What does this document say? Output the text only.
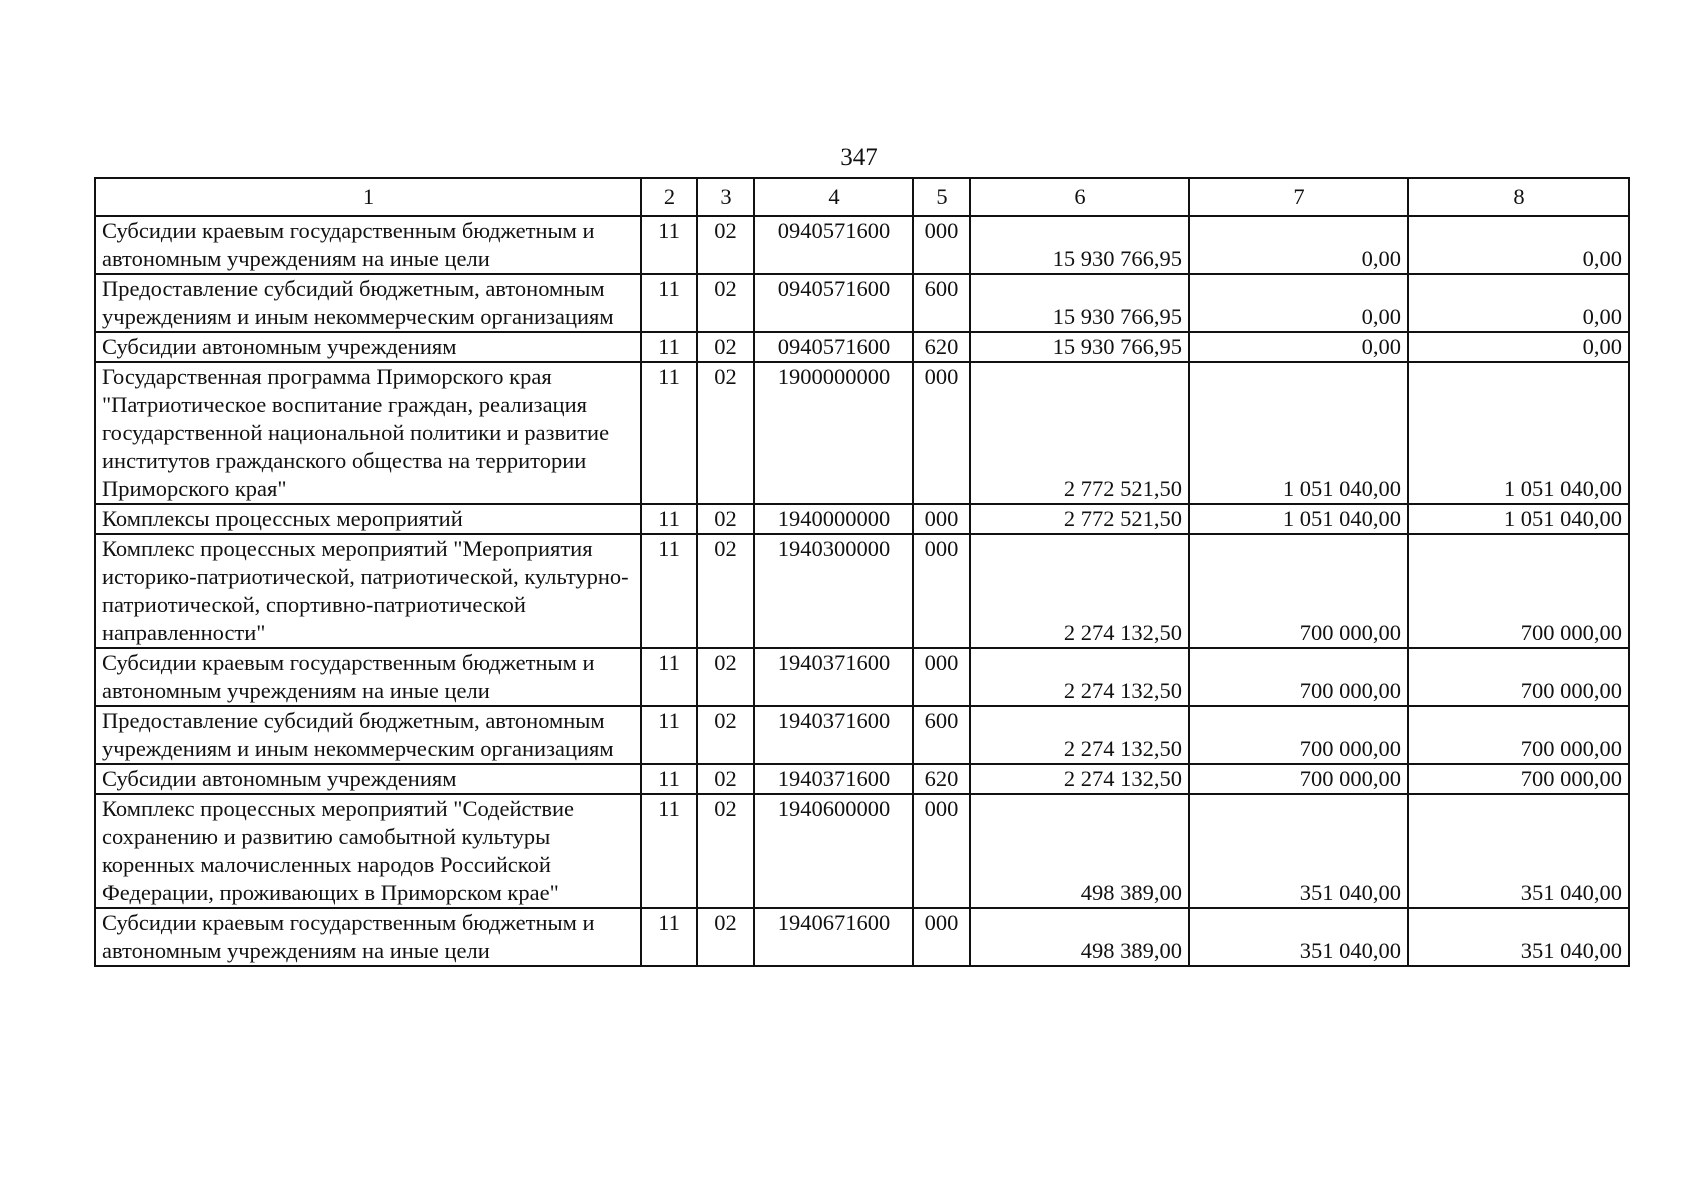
347
1	2	3	4	5	6	7	8
Субсидии краевым государственным бюджетным и автономным учреждениям на иные цели	11	02	0940571600	000	15 930 766,95	0,00	0,00
Предоставление субсидий бюджетным, автономным учреждениям и иным некоммерческим организациям	11	02	0940571600	600	15 930 766,95	0,00	0,00
Субсидии автономным учреждениям	11	02	0940571600	620	15 930 766,95	0,00	0,00
Государственная программа Приморского края "Патриотическое воспитание граждан, реализация государственной национальной политики и развитие институтов гражданского общества на территории Приморского края"	11	02	1900000000	000	2 772 521,50	1 051 040,00	1 051 040,00
Комплексы процессных мероприятий	11	02	1940000000	000	2 772 521,50	1 051 040,00	1 051 040,00
Комплекс процессных мероприятий "Мероприятия историко-патриотической, патриотической, культурно-патриотической, спортивно-патриотической направленности"	11	02	1940300000	000	2 274 132,50	700 000,00	700 000,00
Субсидии краевым государственным бюджетным и автономным учреждениям на иные цели	11	02	1940371600	000	2 274 132,50	700 000,00	700 000,00
Предоставление субсидий бюджетным, автономным учреждениям и иным некоммерческим организациям	11	02	1940371600	600	2 274 132,50	700 000,00	700 000,00
Субсидии автономным учреждениям	11	02	1940371600	620	2 274 132,50	700 000,00	700 000,00
Комплекс процессных мероприятий "Содействие сохранению и развитию самобытной культуры коренных малочисленных народов Российской Федерации, проживающих в Приморском крае"	11	02	1940600000	000	498 389,00	351 040,00	351 040,00
Субсидии краевым государственным бюджетным и автономным учреждениям на иные цели	11	02	1940671600	000	498 389,00	351 040,00	351 040,00
